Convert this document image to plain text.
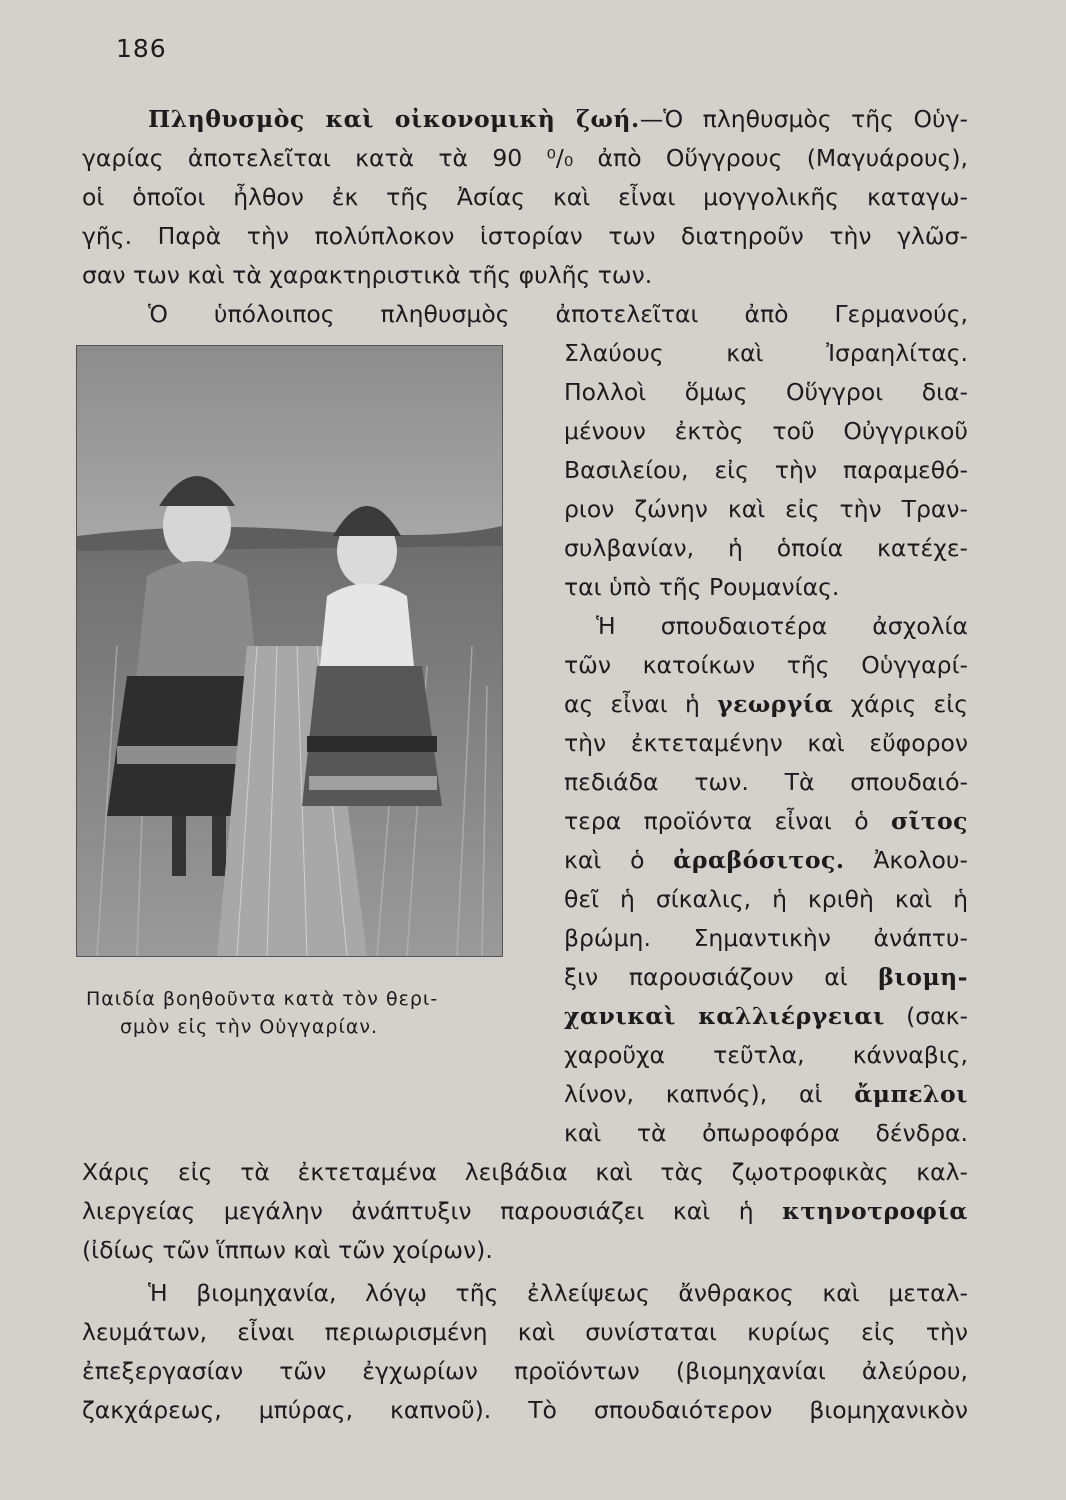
186
Πληθυσμὸς καὶ οἰκονομικὴ ζωή.—Ὁ πληθυσμὸς τῆς Οὑγ-
γαρίας ἀποτελεῖται κατὰ τὰ 90 ⁰/₀ ἀπὸ Οὕγγρους (Μαγυάρους),
οἱ ὁποῖοι ἦλθον ἐκ τῆς Ἀσίας καὶ εἶναι μογγολικῆς καταγω-
γῆς. Παρὰ τὴν πολύπλοκον ἱστορίαν των διατηροῦν τὴν γλῶσ-
σαν των καὶ τὰ χαρακτηριστικὰ τῆς φυλῆς των.
Ὁ ὑπόλοιπος πληθυσμὸς ἀποτελεῖται ἀπὸ Γερμανούς,
Σλαύους καὶ Ἰσραηλίτας.
Πολλοὶ ὅμως Οὕγγροι δια-
μένουν ἐκτὸς τοῦ Οὐγγρικοῦ
Βασιλείου, εἰς τὴν παραμεθό-
ριον ζώνην καὶ εἰς τὴν Τραν-
συλβανίαν, ἡ ὁποία κατέχε-
ται ὑπὸ τῆς Ρουμανίας.
Ἡ σπουδαιοτέρα ἀσχολία
τῶν κατοίκων τῆς Οὑγγαρί-
ας εἶναι ἡ γεωργία χάρις εἰς
τὴν ἐκτεταμένην καὶ εὔφορον
πεδιάδα των. Τὰ σπουδαιό-
τερα προϊόντα εἶναι ὁ σῖτος
καὶ ὁ ἀραβόσιτος. Ἀκολου-
θεῖ ἡ σίκαλις, ἡ κριθὴ καὶ ἡ
βρώμη. Σημαντικὴν ἀνάπτυ-
ξιν παρουσιάζουν αἱ βιομη-
χανικαὶ καλλιέργειαι (σακ-
χαροῦχα τεῦτλα, κάνναβις,
λίνον, καπνός), αἱ ἄμπελοι
καὶ τὰ ὀπωροφόρα δένδρα.
Χάρις εἰς τὰ ἐκτεταμένα λειβάδια καὶ τὰς ζῳοτροφικὰς καλ-
λιεργείας μεγάλην ἀνάπτυξιν παρουσιάζει καὶ ἡ κτηνοτροφία
(ἰδίως τῶν ἵππων καὶ τῶν χοίρων).
Ἡ βιομηχανία, λόγῳ τῆς ἐλλείψεως ἄνθρακος καὶ μεταλ-
λευμάτων, εἶναι περιωρισμένη καὶ συνίσταται κυρίως εἰς τὴν
ἐπεξεργασίαν τῶν ἐγχωρίων προϊόντων (βιομηχανίαι ἀλεύρου,
ζακχάρεως, μπύρας, καπνοῦ). Τὸ σπουδαιότερον βιομηχανικὸν
Παιδία βοηθοῦντα κατὰ τὸν θερι-
σμὸν εἰς τὴν Οὑγγαρίαν.
